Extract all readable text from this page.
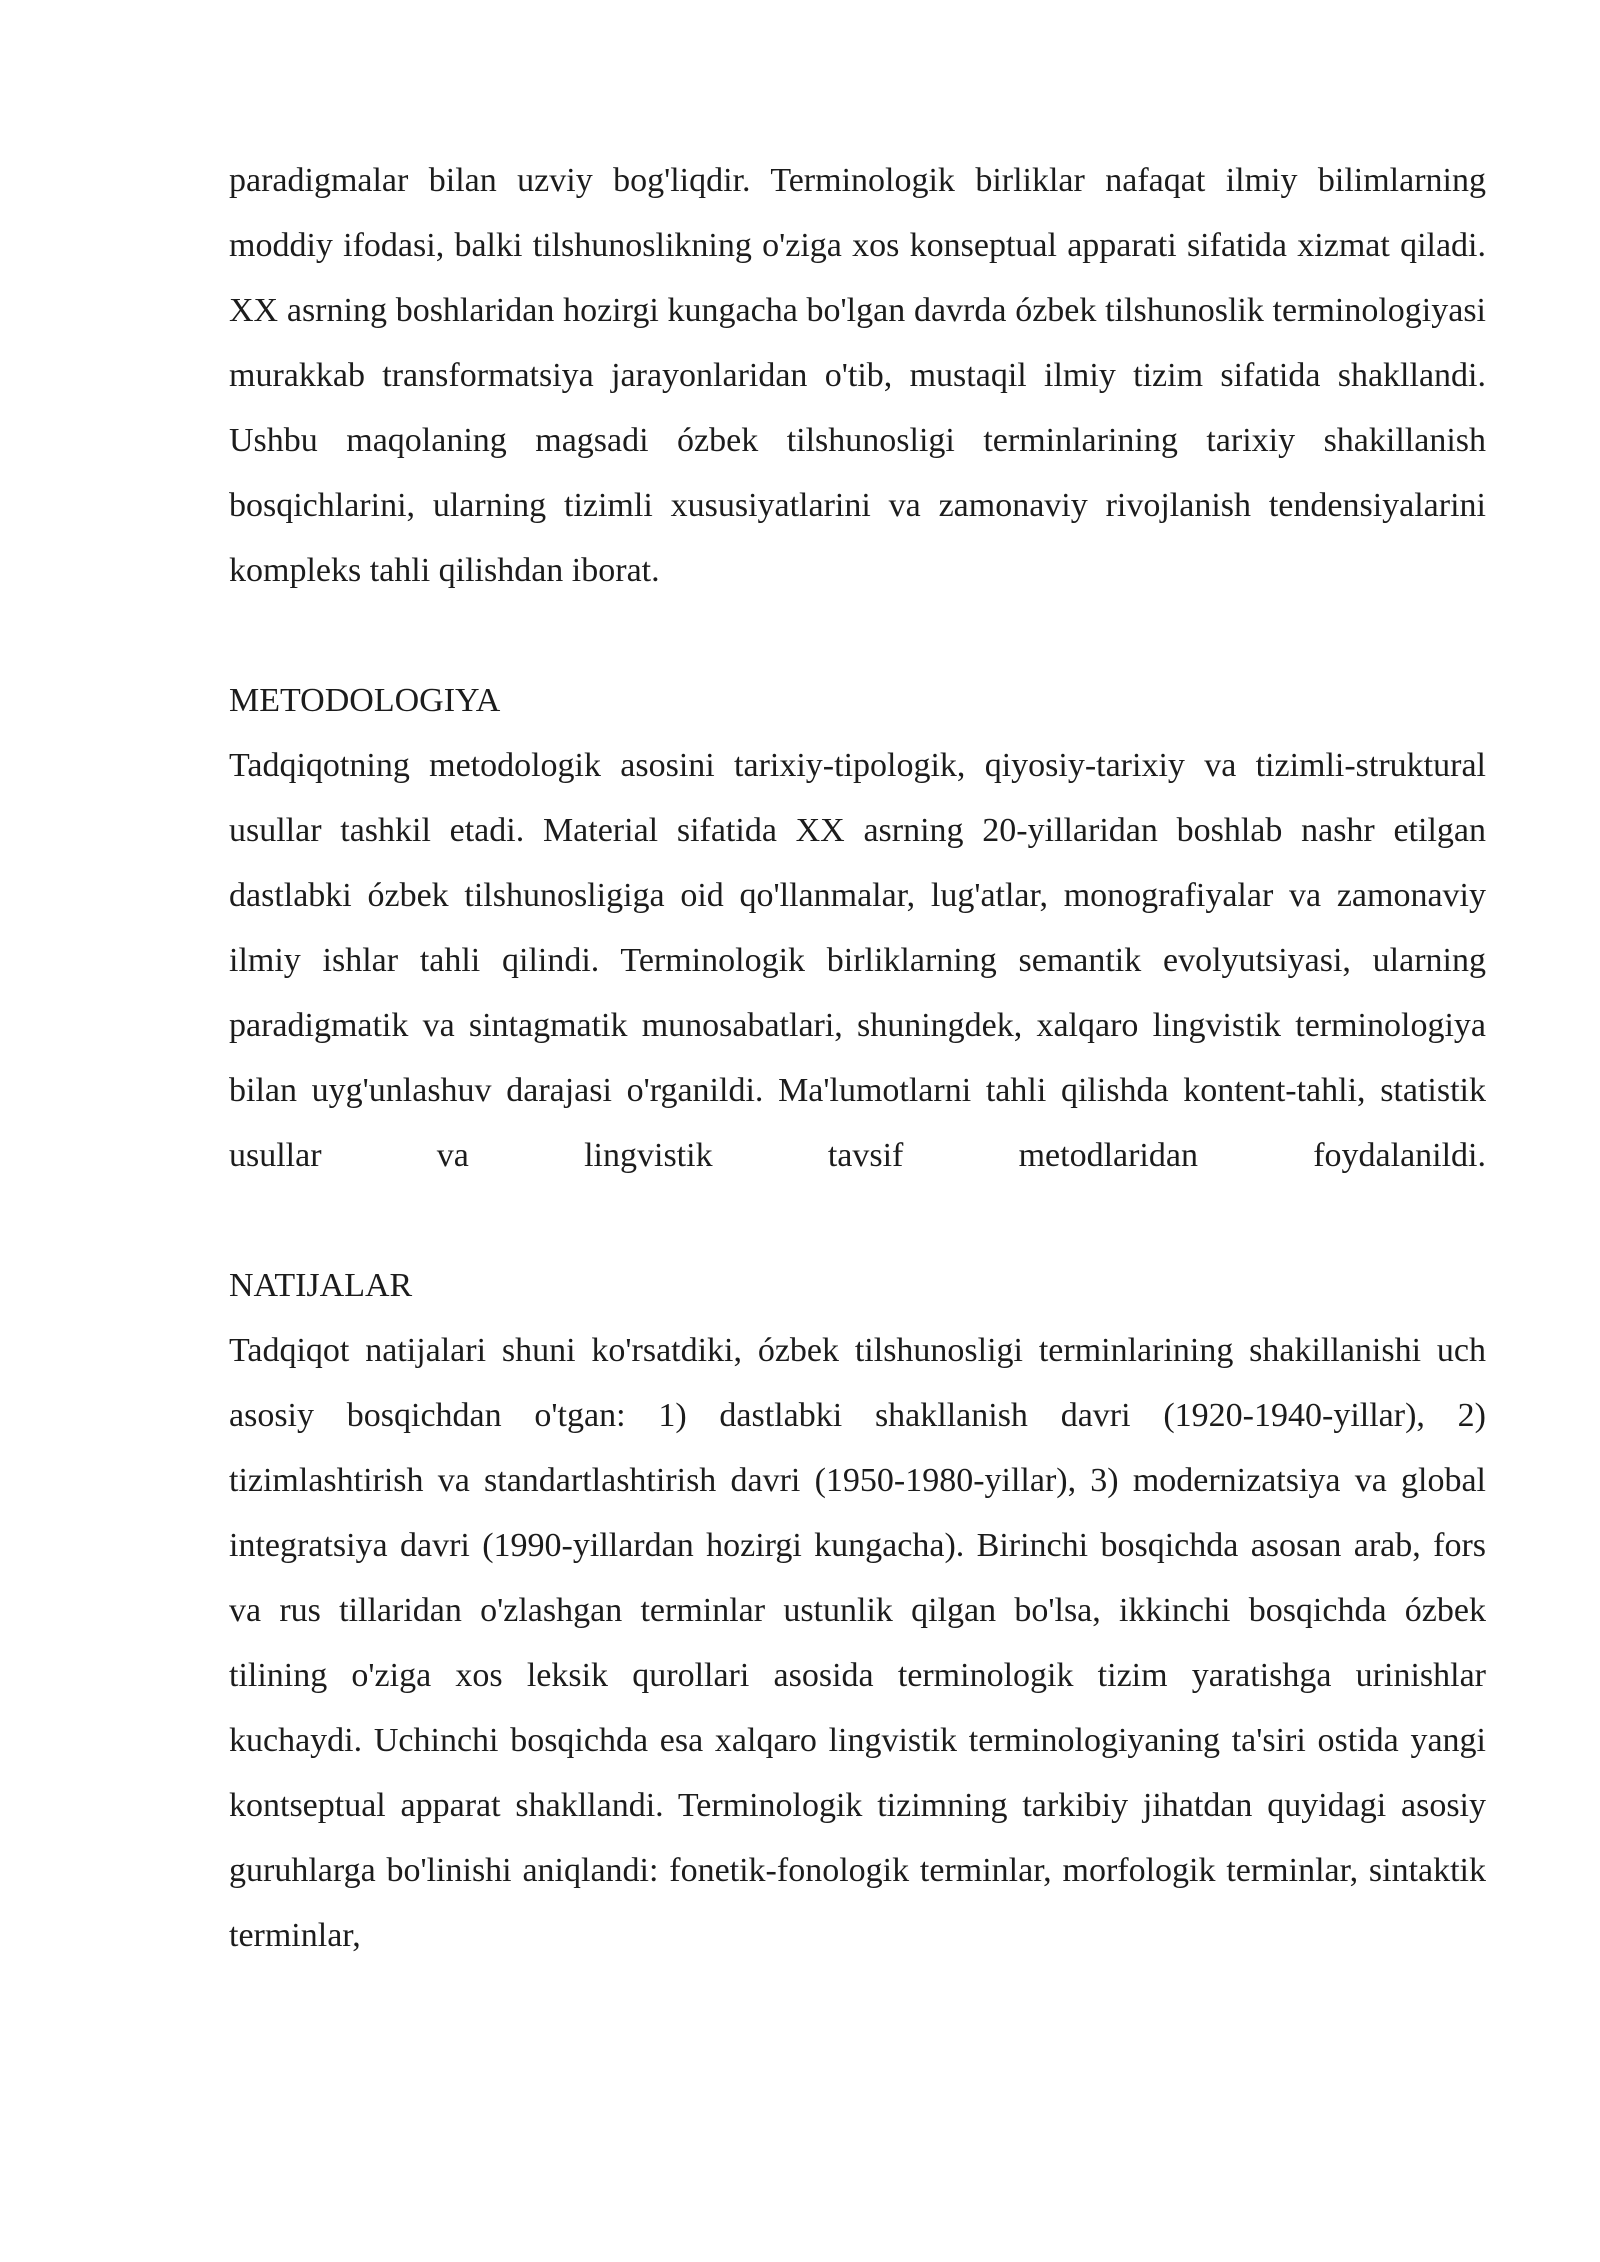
paradigmalar bilan uzviy bog'liqdir. Terminologik birliklar nafaqat ilmiy bilimlarning moddiy ifodasi, balki tilshunoslikning o'ziga xos konseptual apparati sifatida xizmat qiladi. XX asrning boshlaridan hozirgi kungacha bo'lgan davrda ózbek tilshunoslik terminologiyasi murakkab transformatsiya jarayonlaridan o'tib, mustaqil ilmiy tizim sifatida shakllandi. Ushbu maqolaning magsadi ózbek tilshunosligi terminlarining tarixiy shakillanish bosqichlarini, ularning tizimli xususiyatlarini va zamonaviy rivojlanish tendensiyalarini kompleks tahli qilishdan iborat.

METODOLOGIYA

Tadqiqotning metodologik asosini tarixiy-tipologik, qiyosiy-tarixiy va tizimli-struktural usullar tashkil etadi. Material sifatida XX asrning 20-yillaridan boshlab nashr etilgan dastlabki ózbek tilshunosligiga oid qo'llanmalar, lug'atlar, monografiyalar va zamonaviy ilmiy ishlar tahli qilindi. Terminologik birliklarning semantik evolyutsiyasi, ularning paradigmatik va sintagmatik munosabatlari, shuningdek, xalqaro lingvistik terminologiya bilan uyg'unlashuv darajasi o'rganildi. Ma'lumotlarni tahli qilishda kontent-tahli, statistik usullar va lingvistik tavsif metodlaridan foydalanildi.

NATIJALAR

Tadqiqot natijalari shuni ko'rsatdiki, ózbek tilshunosligi terminlarining shakillanishi uch asosiy bosqichdan o'tgan: 1) dastlabki shakllanish davri (1920-1940-yillar), 2) tizimlashtirish va standartlashtirish davri (1950-1980-yillar), 3) modernizatsiya va global integratsiya davri (1990-yillardan hozirgi kungacha). Birinchi bosqichda asosan arab, fors va rus tillaridan o'zlashgan terminlar ustunlik qilgan bo'lsa, ikkinchi bosqichda ózbek tilining o'ziga xos leksik qurollari asosida terminologik tizim yaratishga urinishlar kuchaydi. Uchinchi bosqichda esa xalqaro lingvistik terminologiyaning ta'siri ostida yangi kontseptual apparat shakllandi. Terminologik tizimning tarkibiy jihatdan quyidagi asosiy guruhlarga bo'linishi aniqlandi: fonetik-fonologik terminlar, morfologik terminlar, sintaktik terminlar,
